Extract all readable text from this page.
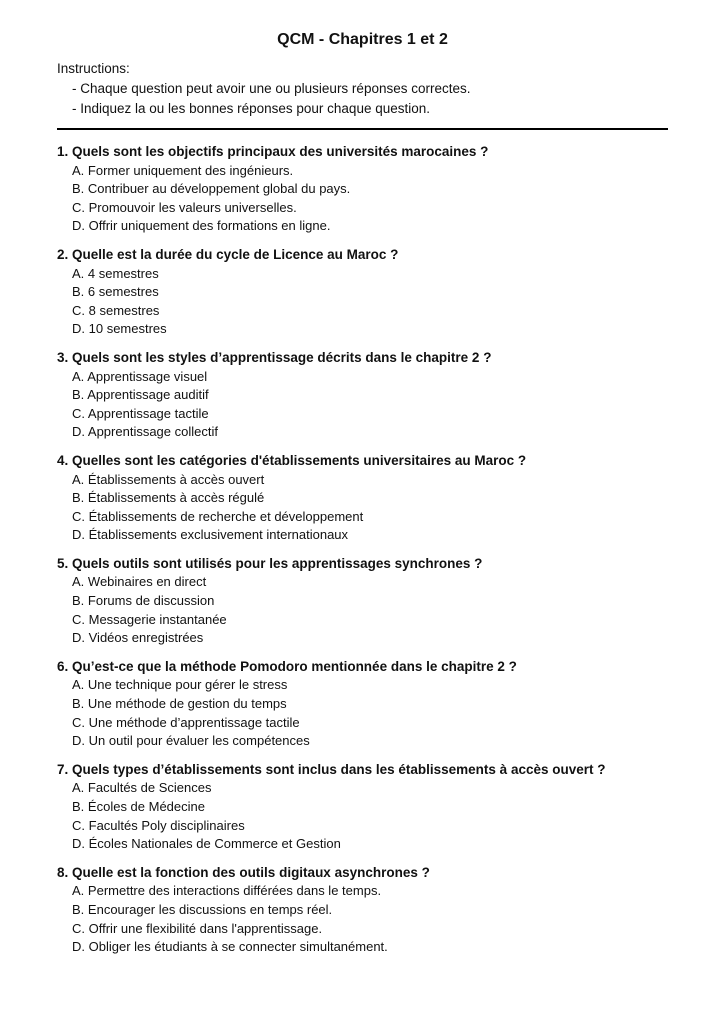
QCM - Chapitres 1 et 2
Instructions:
- Chaque question peut avoir une ou plusieurs réponses correctes.
- Indiquez la ou les bonnes réponses pour chaque question.
1. Quels sont les objectifs principaux des universités marocaines ?
A. Former uniquement des ingénieurs.
B. Contribuer au développement global du pays.
C. Promouvoir les valeurs universelles.
D. Offrir uniquement des formations en ligne.
2. Quelle est la durée du cycle de Licence au Maroc ?
A. 4 semestres
B. 6 semestres
C. 8 semestres
D. 10 semestres
3. Quels sont les styles d’apprentissage décrits dans le chapitre 2 ?
A. Apprentissage visuel
B. Apprentissage auditif
C. Apprentissage tactile
D. Apprentissage collectif
4. Quelles sont les catégories d'établissements universitaires au Maroc ?
A. Établissements à accès ouvert
B. Établissements à accès régulé
C. Établissements de recherche et développement
D. Établissements exclusivement internationaux
5. Quels outils sont utilisés pour les apprentissages synchrones ?
A. Webinaires en direct
B. Forums de discussion
C. Messagerie instantanée
D. Vidéos enregistrées
6. Qu’est-ce que la méthode Pomodoro mentionnée dans le chapitre 2 ?
A. Une technique pour gérer le stress
B. Une méthode de gestion du temps
C. Une méthode d’apprentissage tactile
D. Un outil pour évaluer les compétences
7. Quels types d’établissements sont inclus dans les établissements à accès ouvert ?
A. Facultés de Sciences
B. Écoles de Médecine
C. Facultés Poly disciplinaires
D. Écoles Nationales de Commerce et Gestion
8. Quelle est la fonction des outils digitaux asynchrones ?
A. Permettre des interactions différées dans le temps.
B. Encourager les discussions en temps réel.
C. Offrir une flexibilité dans l'apprentissage.
D. Obliger les étudiants à se connecter simultanément.
